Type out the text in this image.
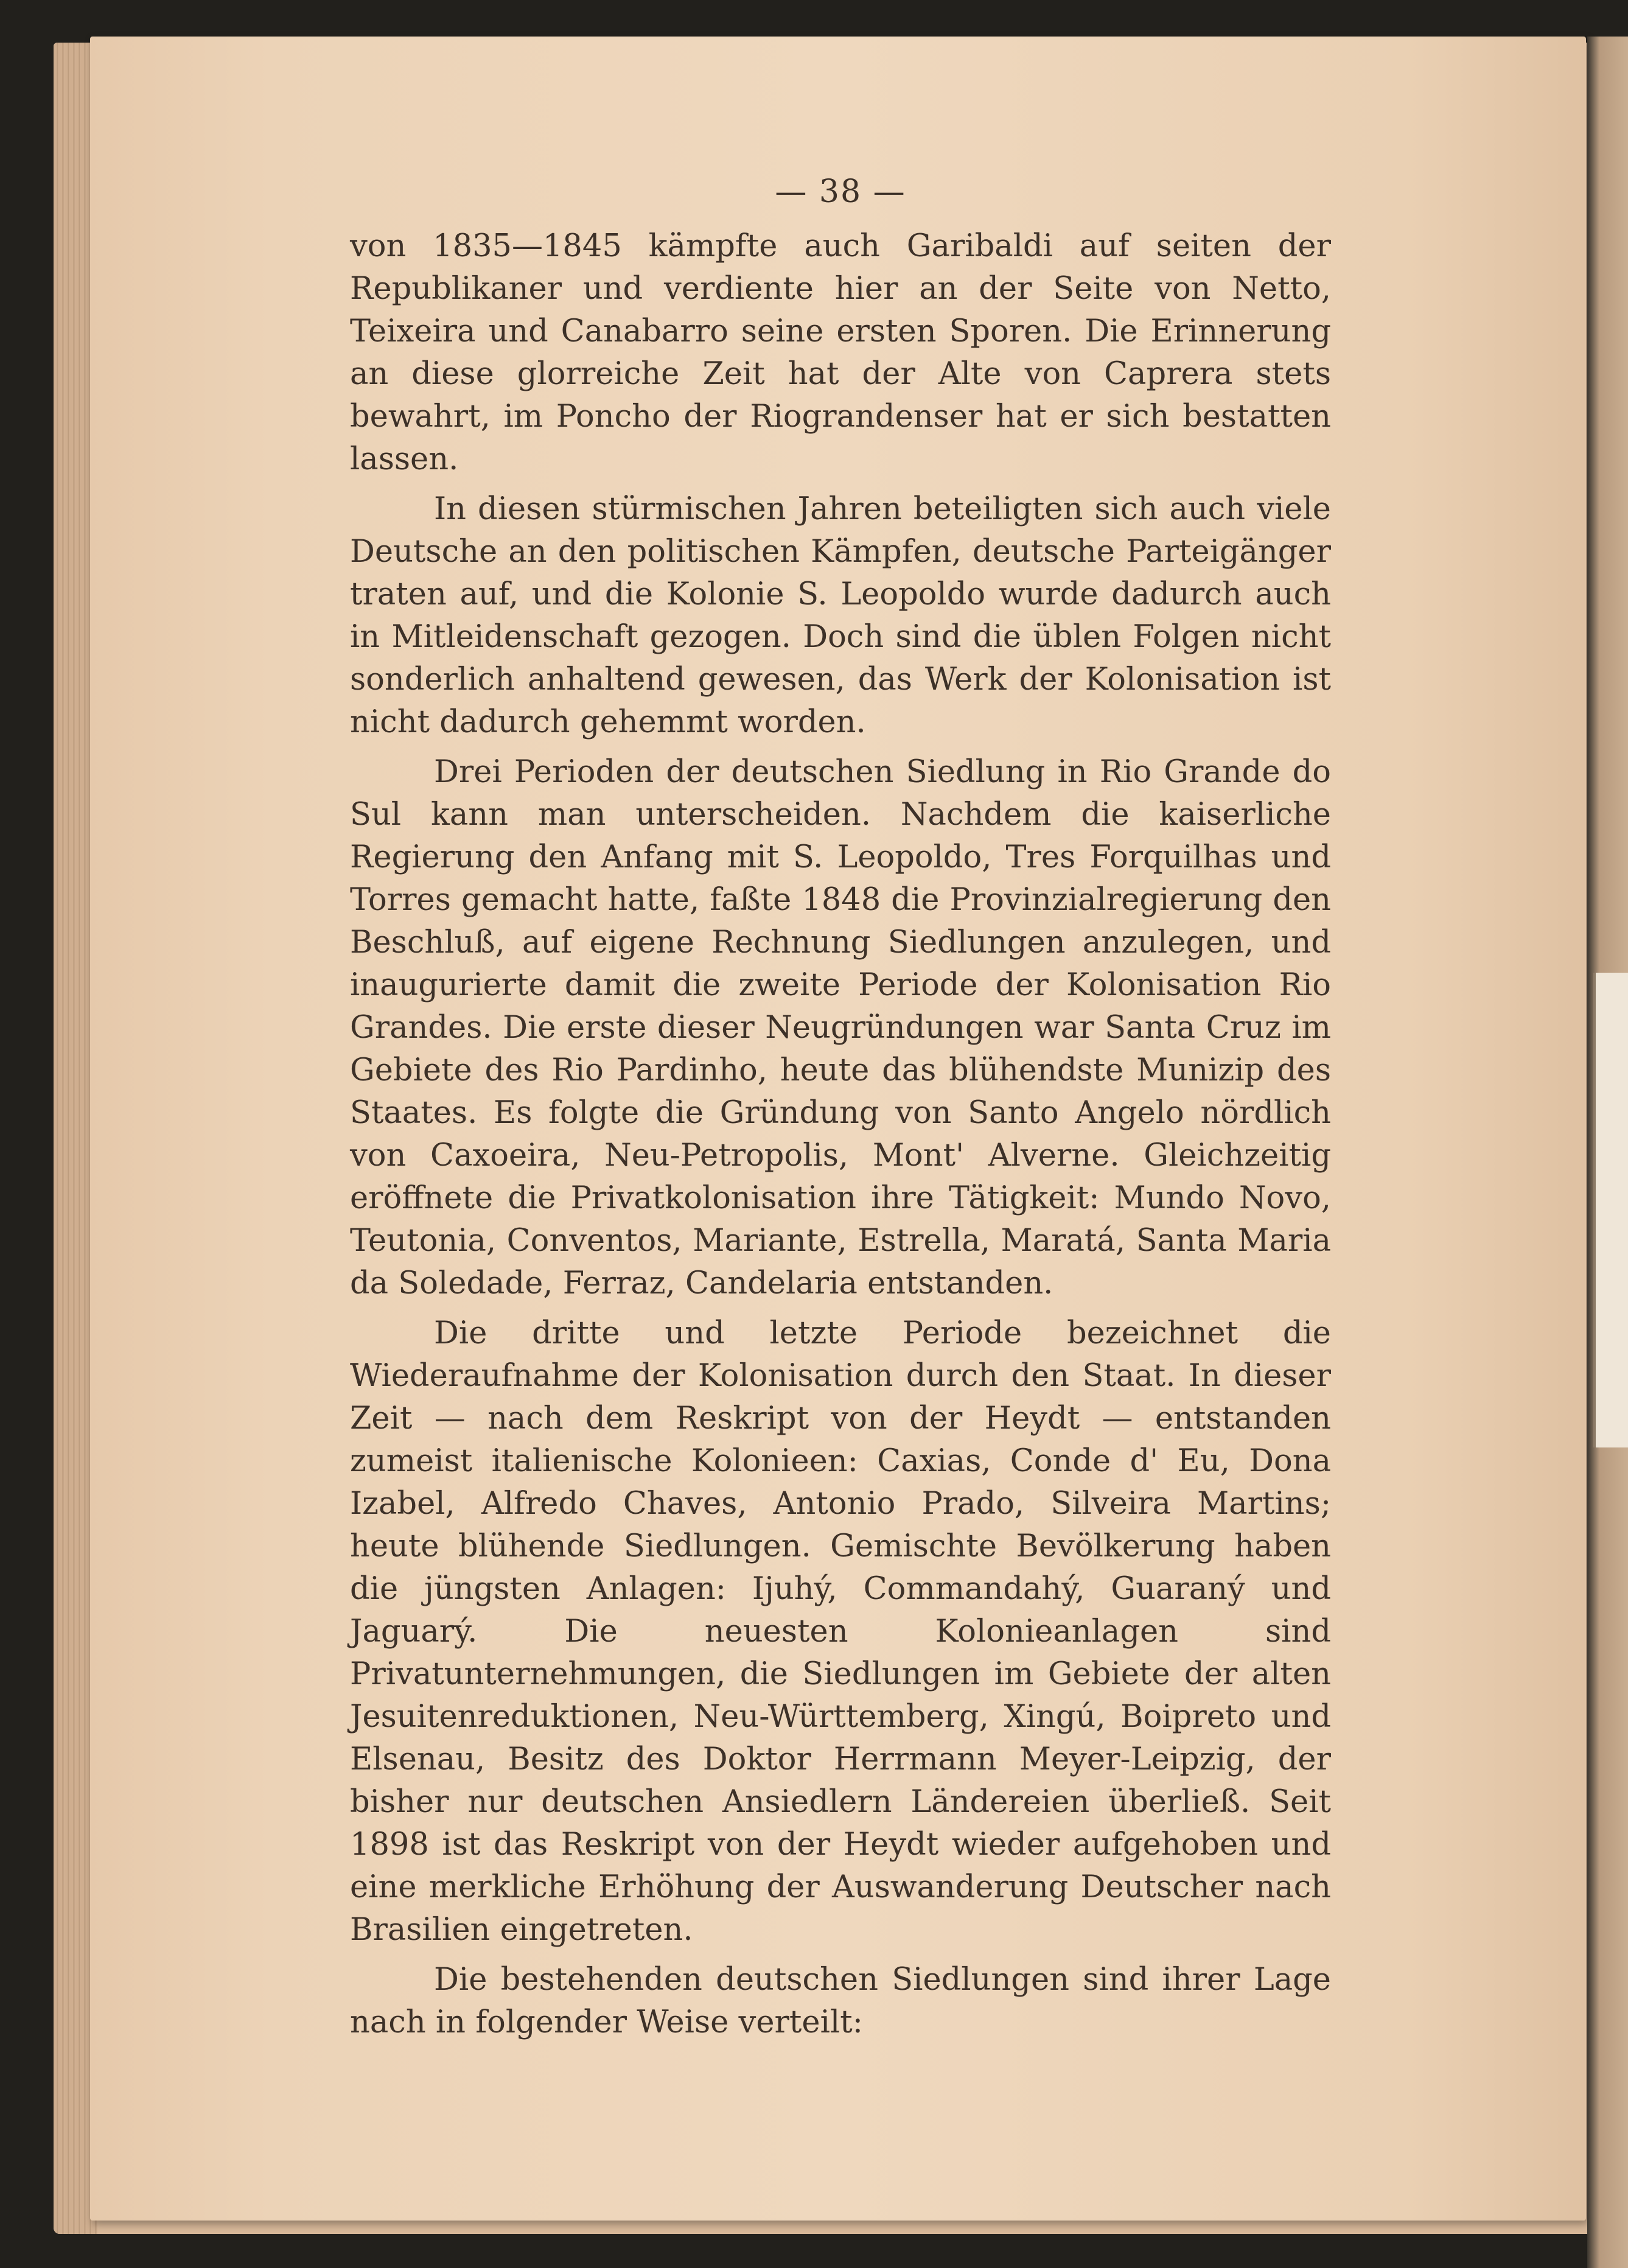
— 38 —

von 1835—1845 kämpfte auch Garibaldi auf seiten der Republikaner und verdiente hier an der Seite von Netto, Teixeira und Canabarro seine ersten Sporen. Die Erinnerung an diese glorreiche Zeit hat der Alte von Caprera stets bewahrt, im Poncho der Riograndenser hat er sich bestatten lassen.

In diesen stürmischen Jahren beteiligten sich auch viele Deutsche an den politischen Kämpfen, deutsche Parteigänger traten auf, und die Kolonie S. Leopoldo wurde dadurch auch in Mitleidenschaft gezogen. Doch sind die üblen Folgen nicht sonderlich anhaltend gewesen, das Werk der Kolonisation ist nicht dadurch gehemmt worden.

Drei Perioden der deutschen Siedlung in Rio Grande do Sul kann man unterscheiden. Nachdem die kaiserliche Regierung den Anfang mit S. Leopoldo, Tres Forquilhas und Torres gemacht hatte, faßte 1848 die Provinzialregierung den Beschluß, auf eigene Rechnung Siedlungen anzulegen, und inaugurierte damit die zweite Periode der Kolonisation Rio Grandes. Die erste dieser Neugründungen war Santa Cruz im Gebiete des Rio Pardinho, heute das blühendste Munizip des Staates. Es folgte die Gründung von Santo Angelo nördlich von Caxoeira, Neu-Petropolis, Mont' Alverne. Gleichzeitig eröffnete die Privatkolonisation ihre Tätigkeit: Mundo Novo, Teutonia, Conventos, Mariante, Estrella, Maratá, Santa Maria da Soledade, Ferraz, Candelaria entstanden.

Die dritte und letzte Periode bezeichnet die Wiederaufnahme der Kolonisation durch den Staat. In dieser Zeit — nach dem Reskript von der Heydt — entstanden zumeist italienische Kolonieen: Caxias, Conde d' Eu, Dona Izabel, Alfredo Chaves, Antonio Prado, Silveira Martins; heute blühende Siedlungen. Gemischte Bevölkerung haben die jüngsten Anlagen: Ijuhý, Commandahý, Guaraný und Jaguarý. Die neuesten Kolonieanlagen sind Privatunternehmungen, die Siedlungen im Gebiete der alten Jesuitenreduktionen, Neu-Württemberg, Xingú, Boipreto und Elsenau, Besitz des Doktor Herrmann Meyer-Leipzig, der bisher nur deutschen Ansiedlern Ländereien überließ. Seit 1898 ist das Reskript von der Heydt wieder aufgehoben und eine merkliche Erhöhung der Auswanderung Deutscher nach Brasilien eingetreten.

Die bestehenden deutschen Siedlungen sind ihrer Lage nach in folgender Weise verteilt:
